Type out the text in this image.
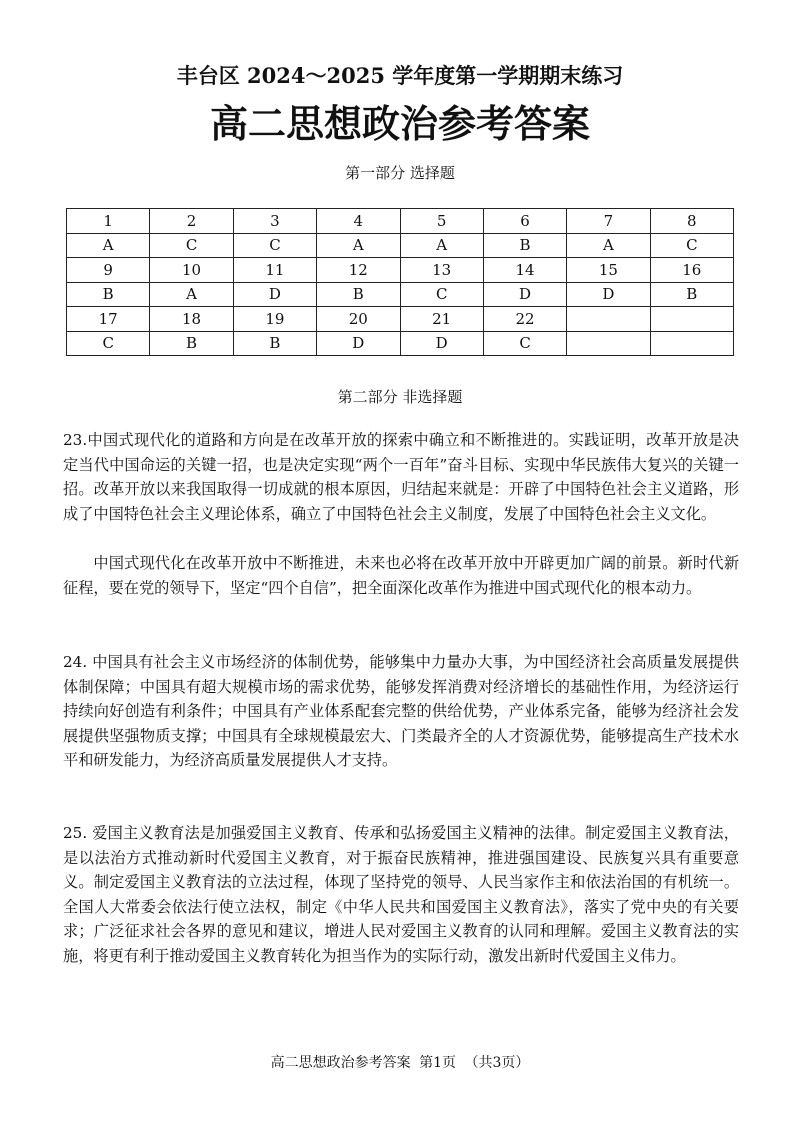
丰台区 2024～2025 学年度第一学期期末练习
高二思想政治参考答案
第一部分 选择题
1	2	3	4	5	6	7	8
A	C	C	A	A	B	A	C
9	10	11	12	13	14	15	16
B	A	D	B	C	D	D	B
17	18	19	20	21	22		
C	B	B	D	D	C		
第二部分 非选择题

23.中国式现代化的道路和方向是在改革开放的探索中确立和不断推进的。实践证明，改革开放是决定当代中国命运的关键一招，也是决定实现“两个一百年”奋斗目标、实现中华民族伟大复兴的关键一招。改革开放以来我国取得一切成就的根本原因，归结起来就是：开辟了中国特色社会主义道路，形成了中国特色社会主义理论体系，确立了中国特色社会主义制度，发展了中国特色社会主义文化。

中国式现代化在改革开放中不断推进，未来也必将在改革开放中开辟更加广阔的前景。新时代新征程，要在党的领导下，坚定“四个自信”，把全面深化改革作为推进中国式现代化的根本动力。

24. 中国具有社会主义市场经济的体制优势，能够集中力量办大事，为中国经济社会高质量发展提供体制保障；中国具有超大规模市场的需求优势，能够发挥消费对经济增长的基础性作用，为经济运行持续向好创造有利条件；中国具有产业体系配套完整的供给优势，产业体系完备，能够为经济社会发展提供坚强物质支撑；中国具有全球规模最宏大、门类最齐全的人才资源优势，能够提高生产技术水平和研发能力，为经济高质量发展提供人才支持。

25. 爱国主义教育法是加强爱国主义教育、传承和弘扬爱国主义精神的法律。制定爱国主义教育法，是以法治方式推动新时代爱国主义教育，对于振奋民族精神，推进强国建设、民族复兴具有重要意义。制定爱国主义教育法的立法过程，体现了坚持党的领导、人民当家作主和依法治国的有机统一。全国人大常委会依法行使立法权，制定《中华人民共和国爱国主义教育法》，落实了党中央的有关要求；广泛征求社会各界的意见和建议，增进人民对爱国主义教育的认同和理解。爱国主义教育法的实施，将更有利于推动爱国主义教育转化为担当作为的实际行动，激发出新时代爱国主义伟力。

高二思想政治参考答案 第1页 （共3页）
